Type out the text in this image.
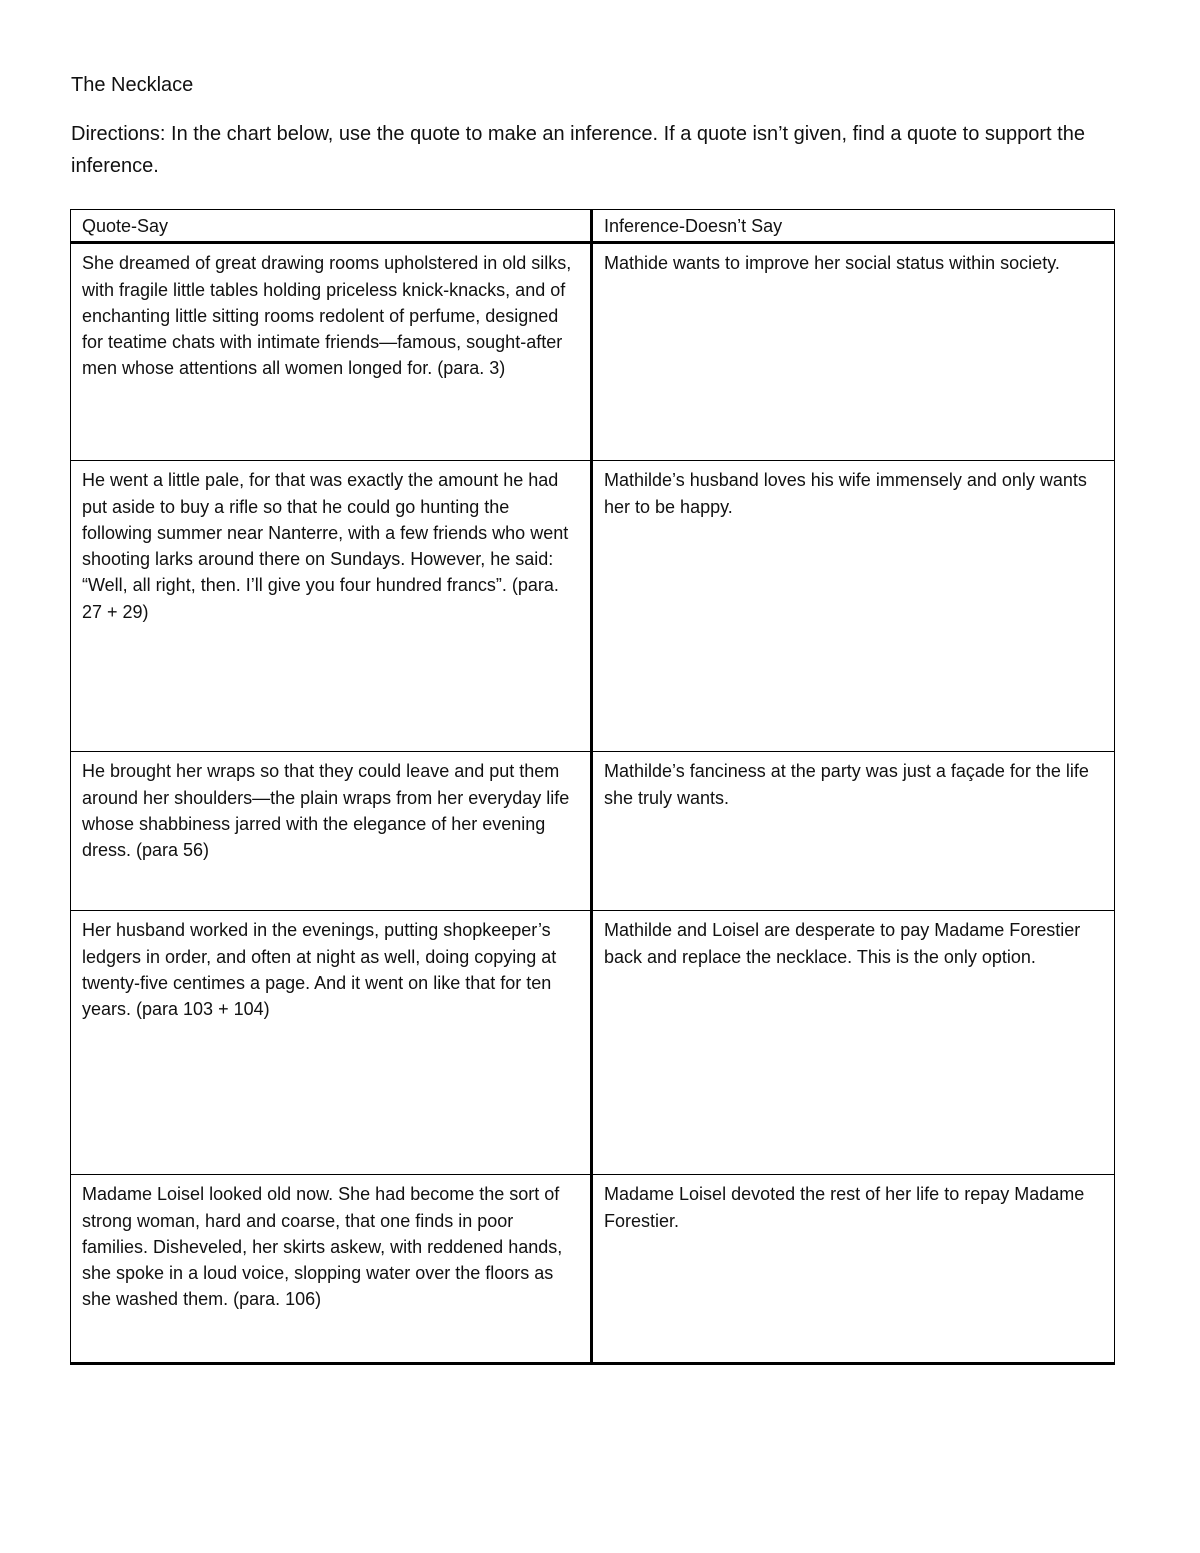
The Necklace
Directions: In the chart below, use the quote to make an inference. If a quote isn’t given, find a quote to support the inference.
Quote-Say	Inference-Doesn’t Say
She dreamed of great drawing rooms upholstered in old silks, with fragile little tables holding priceless knick-knacks, and of enchanting little sitting rooms redolent of perfume, designed for teatime chats with intimate friends—famous, sought-after men whose attentions all women longed for. (para. 3)	Mathide wants to improve her social status within society.
He went a little pale, for that was exactly the amount he had put aside to buy a rifle so that he could go hunting the following summer near Nanterre, with a few friends who went shooting larks around there on Sundays. However, he said: “Well, all right, then. I’ll give you four hundred francs”. (para. 27 + 29)	Mathilde’s husband loves his wife immensely and only wants her to be happy.
He brought her wraps so that they could leave and put them around her shoulders—the plain wraps from her everyday life whose shabbiness jarred with the elegance of her evening dress. (para 56)	Mathilde’s fanciness at the party was just a façade for the life she truly wants.
Her husband worked in the evenings, putting shopkeeper’s ledgers in order, and often at night as well, doing copying at twenty-five centimes a page. And it went on like that for ten years. (para 103 + 104)	Mathilde and Loisel are desperate to pay Madame Forestier back and replace the necklace. This is the only option.
Madame Loisel looked old now. She had become the sort of strong woman, hard and coarse, that one finds in poor families. Disheveled, her skirts askew, with reddened hands, she spoke in a loud voice, slopping water over the floors as she washed them. (para. 106)	Madame Loisel devoted the rest of her life to repay Madame Forestier.
